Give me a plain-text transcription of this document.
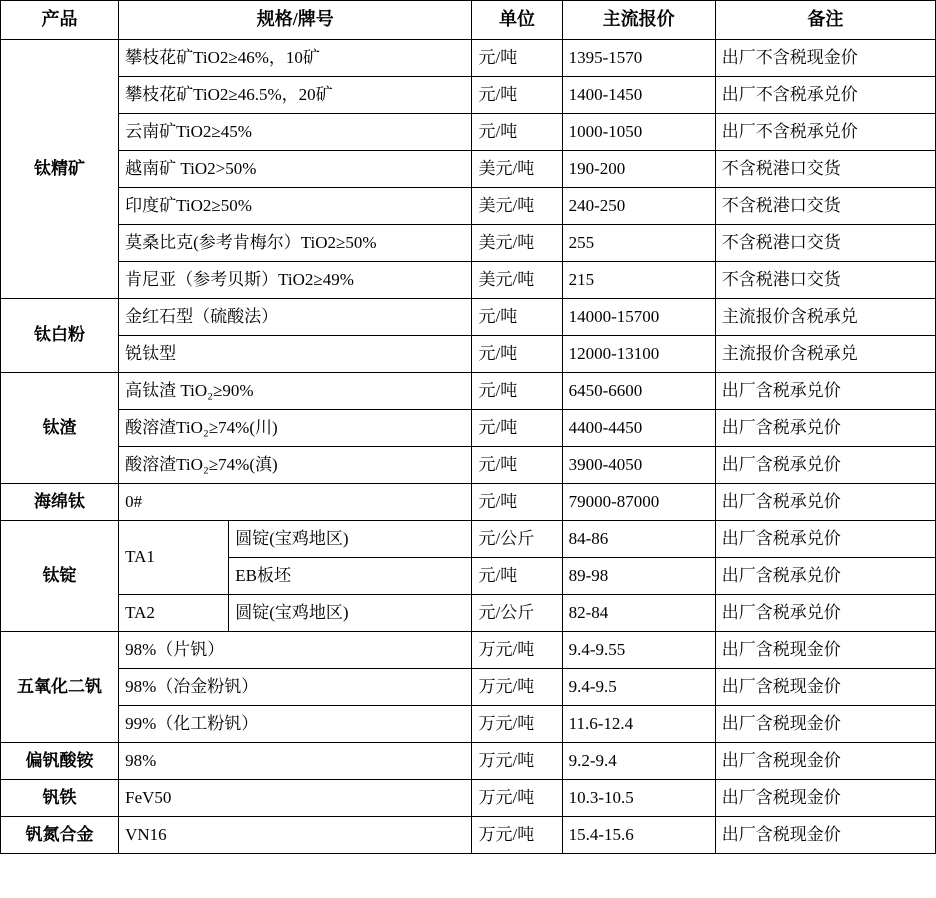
产品	规格/牌号		单位	主流报价	备注
钛精矿	攀枝花矿TiO2≥46%，10矿		元/吨	1395-1570	出厂不含税现金价
	攀枝花矿TiO2≥46.5%，20矿		元/吨	1400-1450	出厂不含税承兑价
	云南矿TiO2≥45%		元/吨	1000-1050	出厂不含税承兑价
	越南矿 TiO2>50%		美元/吨	190-200	不含税港口交货
	印度矿TiO2≥50%		美元/吨	240-250	不含税港口交货
	莫桑比克(参考肯梅尔）TiO2≥50%		美元/吨	255	不含税港口交货
	肯尼亚（参考贝斯）TiO2≥49%		美元/吨	215	不含税港口交货
钛白粉	金红石型（硫酸法）		元/吨	14000-15700	主流报价含税承兑
	锐钛型		元/吨	12000-13100	主流报价含税承兑
钛渣	高钛渣 TiO₂≥90%		元/吨	6450-6600	出厂含税承兑价
	酸溶渣TiO₂≥74%(川)		元/吨	4400-4450	出厂含税承兑价
	酸溶渣TiO₂≥74%(滇)		元/吨	3900-4050	出厂含税承兑价
海绵钛	0#		元/吨	79000-87000	出厂含税承兑价
钛锭	TA1	圆锭(宝鸡地区)	元/公斤	84-86	出厂含税承兑价
		EB板坯	元/吨	89-98	出厂含税承兑价
	TA2	圆锭(宝鸡地区)	元/公斤	82-84	出厂含税承兑价
五氧化二钒	98%（片钒）		万元/吨	9.4-9.55	出厂含税现金价
	98%（冶金粉钒）		万元/吨	9.4-9.5	出厂含税现金价
	99%（化工粉钒）		万元/吨	11.6-12.4	出厂含税现金价
偏钒酸铵	98%		万元/吨	9.2-9.4	出厂含税现金价
钒铁	FeV50		万元/吨	10.3-10.5	出厂含税现金价
钒氮合金	VN16		万元/吨	15.4-15.6	出厂含税现金价
